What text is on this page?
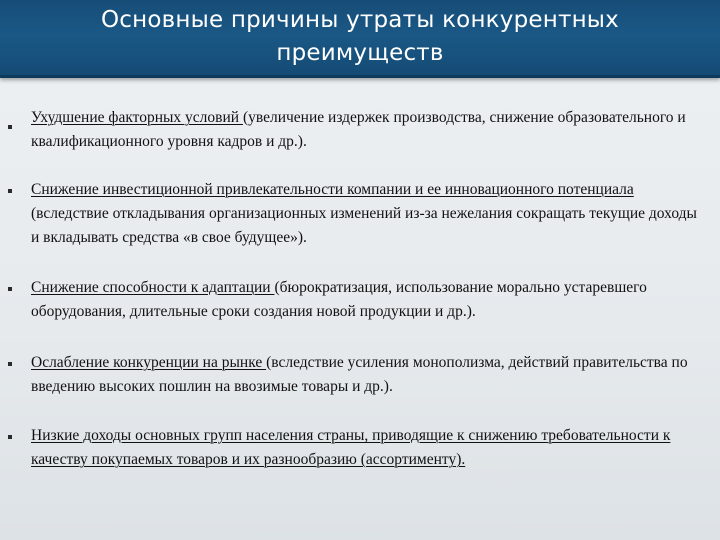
Основные причины утраты конкурентных
преимуществ
Ухудшение факторных условий (увеличение издержек производства, снижение образовательного и квалификационного уровня кадров и др.).
Снижение инвестиционной привлекательности компании и ее инновационного потенциала (вследствие откладывания организационных изменений из-за нежелания сокращать текущие доходы и вкладывать средства «в свое будущее»).
Снижение способности к адаптации (бюрократизация, использование морально устаревшего оборудования, длительные сроки создания новой продукции и др.).
Ослабление конкуренции на рынке (вследствие усиления монополизма, действий правительства по введению высоких пошлин на ввозимые товары и др.).
Низкие доходы основных групп населения страны, приводящие к снижению требовательности к качеству покупаемых товаров и их разнообразию (ассортименту).
